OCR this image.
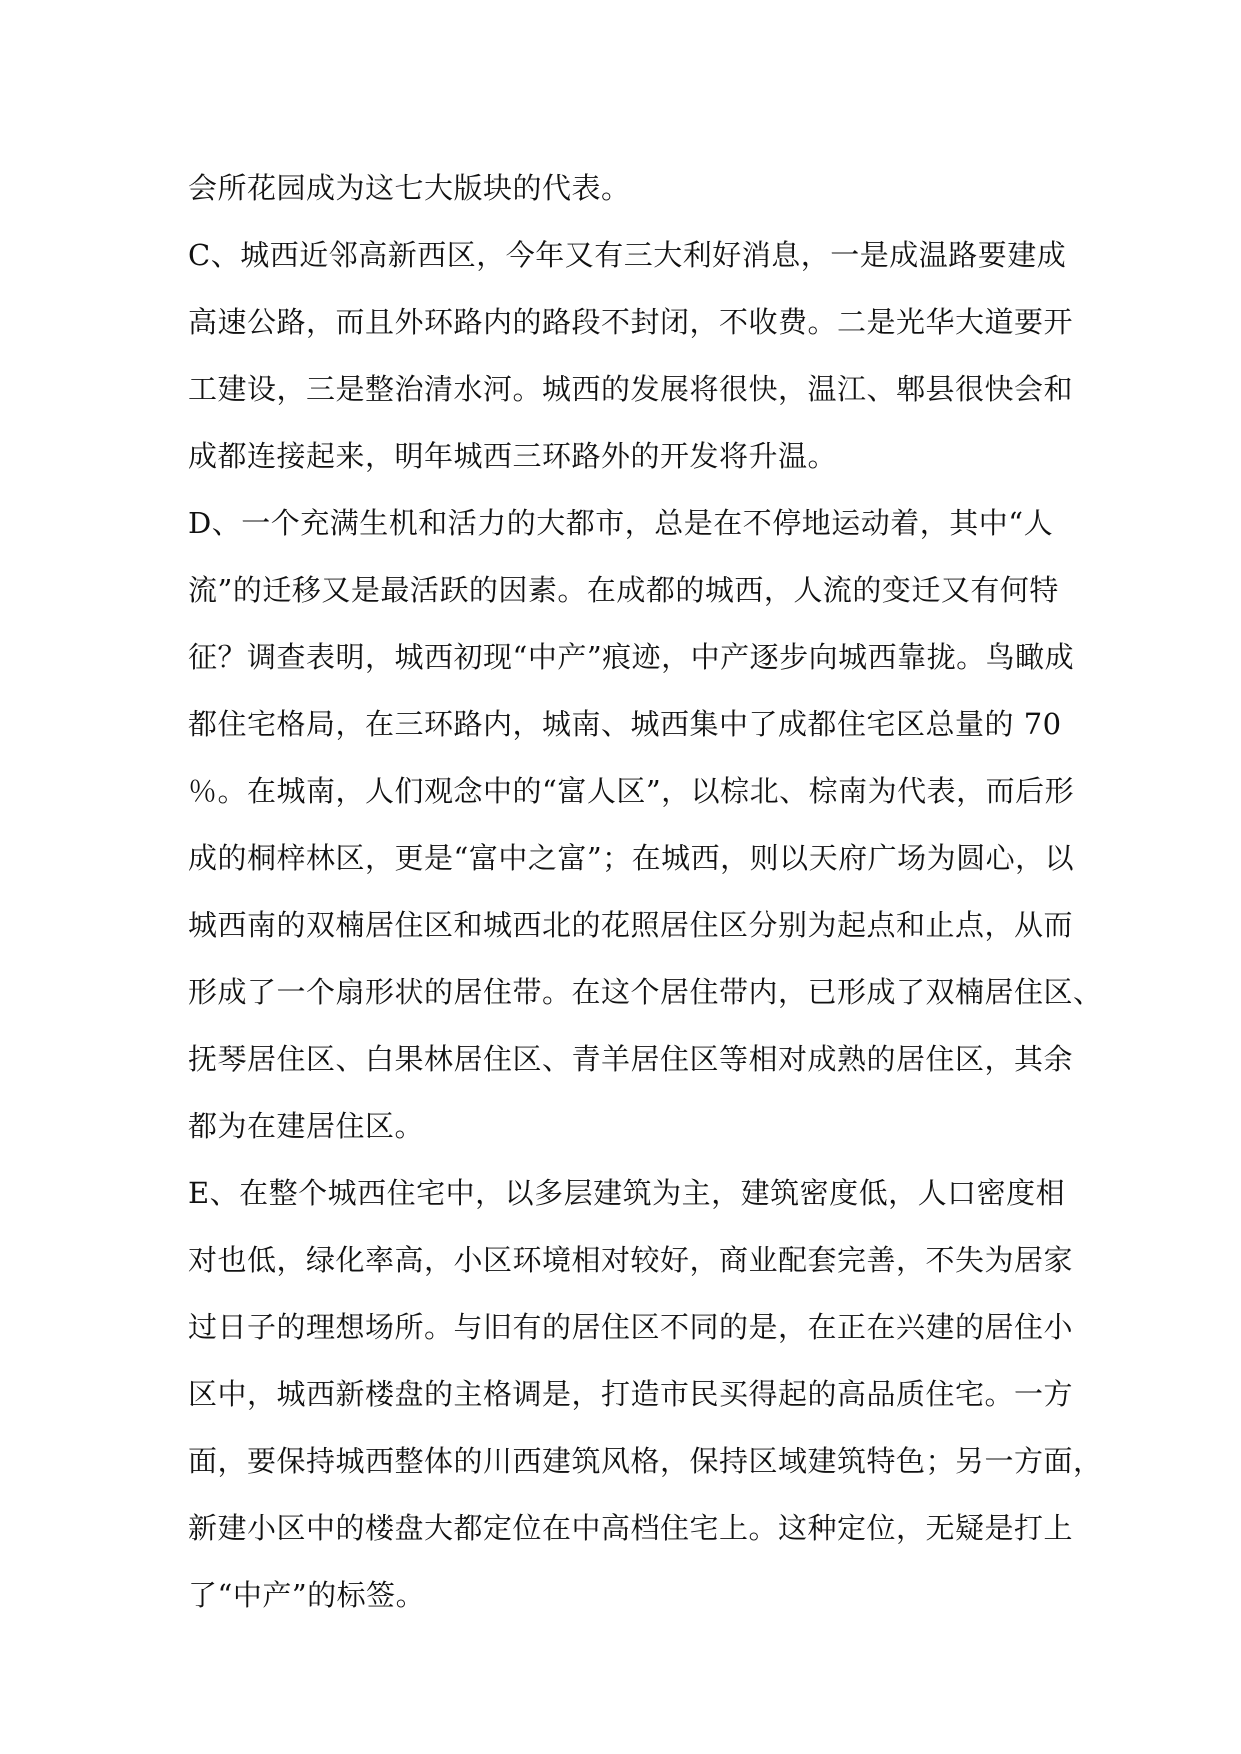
会所花园成为这七大版块的代表。
C、城西近邻高新西区，今年又有三大利好消息，一是成温路要建成
高速公路，而且外环路内的路段不封闭，不收费。二是光华大道要开
工建设，三是整治清水河。城西的发展将很快，温江、郫县很快会和
成都连接起来，明年城西三环路外的开发将升温。
D、一个充满生机和活力的大都市，总是在不停地运动着，其中“人
流”的迁移又是最活跃的因素。在成都的城西，人流的变迁又有何特
征？调查表明，城西初现“中产”痕迹，中产逐步向城西靠拢。鸟瞰成
都住宅格局，在三环路内，城南、城西集中了成都住宅区总量的 70
％。在城南，人们观念中的“富人区”，以棕北、棕南为代表，而后形
成的桐梓林区，更是“富中之富”；在城西，则以天府广场为圆心，以
城西南的双楠居住区和城西北的花照居住区分别为起点和止点，从而
形成了一个扇形状的居住带。在这个居住带内，已形成了双楠居住区、
抚琴居住区、白果林居住区、青羊居住区等相对成熟的居住区，其余
都为在建居住区。
E、在整个城西住宅中，以多层建筑为主，建筑密度低，人口密度相
对也低，绿化率高，小区环境相对较好，商业配套完善，不失为居家
过日子的理想场所。与旧有的居住区不同的是，在正在兴建的居住小
区中，城西新楼盘的主格调是，打造市民买得起的高品质住宅。一方
面，要保持城西整体的川西建筑风格，保持区域建筑特色；另一方面，
新建小区中的楼盘大都定位在中高档住宅上。这种定位，无疑是打上
了“中产”的标签。
